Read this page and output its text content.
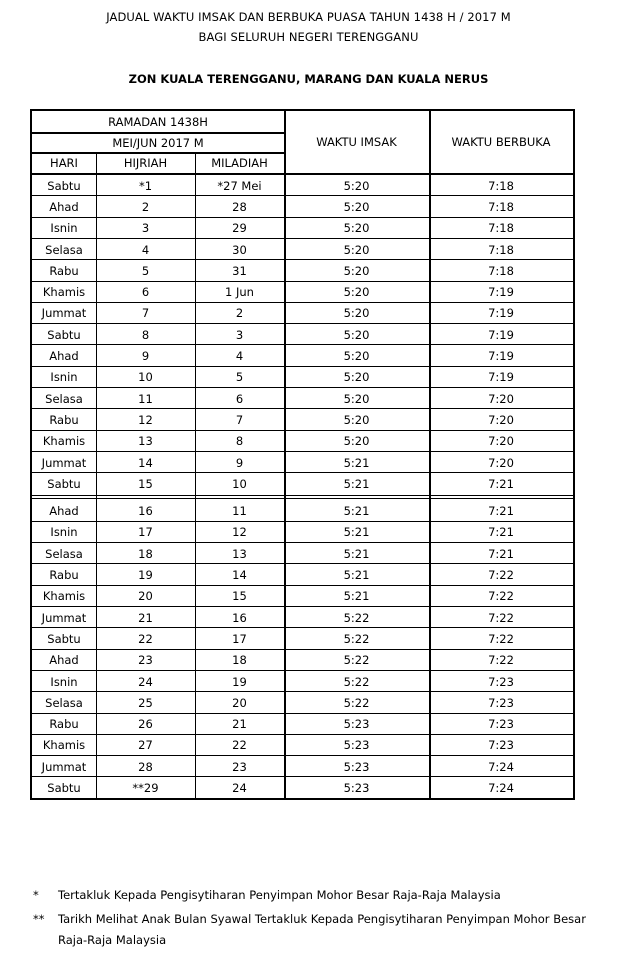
JADUAL WAKTU IMSAK DAN BERBUKA PUASA TAHUN 1438 H / 2017 M
BAGI SELURUH NEGERI TERENGGANU
ZON KUALA TERENGGANU, MARANG DAN KUALA NERUS
RAMADAN 1438H
MEI/JUN 2017 M
HARI	HIJRIAH	MILADIAH
WAKTU IMSAK	WAKTU BERBUKA
Sabtu	*1	*27 Mei	5:20	7:18
Ahad	2	28	5:20	7:18
Isnin	3	29	5:20	7:18
Selasa	4	30	5:20	7:18
Rabu	5	31	5:20	7:18
Khamis	6	1 Jun	5:20	7:19
Jummat	7	2	5:20	7:19
Sabtu	8	3	5:20	7:19
Ahad	9	4	5:20	7:19
Isnin	10	5	5:20	7:19
Selasa	11	6	5:20	7:20
Rabu	12	7	5:20	7:20
Khamis	13	8	5:20	7:20
Jummat	14	9	5:21	7:20
Sabtu	15	10	5:21	7:21
Ahad	16	11	5:21	7:21
Isnin	17	12	5:21	7:21
Selasa	18	13	5:21	7:21
Rabu	19	14	5:21	7:22
Khamis	20	15	5:21	7:22
Jummat	21	16	5:22	7:22
Sabtu	22	17	5:22	7:22
Ahad	23	18	5:22	7:22
Isnin	24	19	5:22	7:23
Selasa	25	20	5:22	7:23
Rabu	26	21	5:23	7:23
Khamis	27	22	5:23	7:23
Jummat	28	23	5:23	7:24
Sabtu	**29	24	5:23	7:24
* Tertakluk Kepada Pengisytiharan Penyimpan Mohor Besar Raja-Raja Malaysia
** Tarikh Melihat Anak Bulan Syawal Tertakluk Kepada Pengisytiharan Penyimpan Mohor Besar
Raja-Raja Malaysia
